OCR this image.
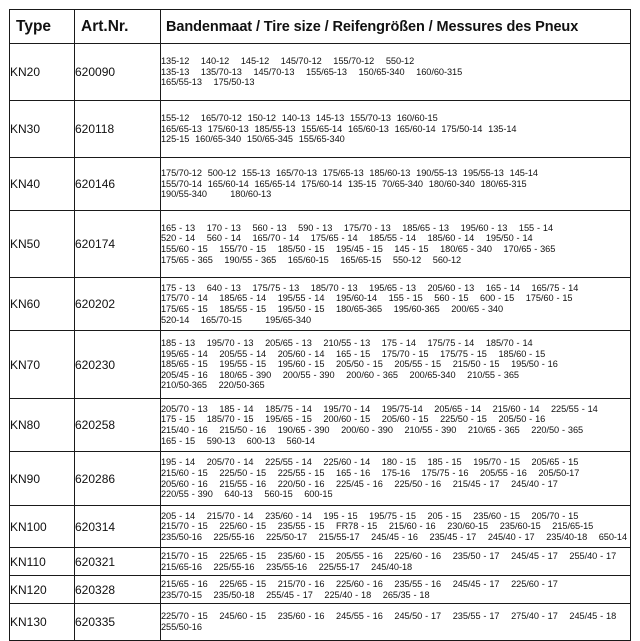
Type	Art.Nr.	Bandenmaat / Tire size / Reifengrößen / Messures des Pneux
KN20	620090	135-12    140-12    145-12    145/70-12    155/70-12    550-12
135-13    135/70-13    145/70-13    155/65-13    150/65-340    160/60-315
165/55-13    175/50-13

KN30	620118	155-12    165/70-12  150-12  140-13  145-13  155/70-13  160/60-15
165/65-13  175/60-13  185/55-13  155/65-14  165/60-13  165/60-14  175/50-14  135-14
125-15  160/65-340  150/65-345  155/65-340

KN40	620146	175/70-12  500-12  155-13  165/70-13  175/65-13  185/60-13  190/55-13  195/55-13  145-14
155/70-14  165/60-14  165/65-14  175/60-14  135-15  70/65-340  180/60-340  180/65-315
190/55-340        180/60-13

KN50	620174	165 - 13    170 - 13    560 - 13    590 - 13    175/70 - 13    185/65 - 13    195/60 - 13    155 - 14
520 - 14    560 - 14    165/70 - 14    175/65 - 14    185/55 - 14    185/60 - 14    195/50 - 14
155/60 - 15    155/70 - 15    185/50 - 15    195/45 - 15    145 - 15    180/65 - 340    170/65 - 365
175/65 - 365    190/55 - 365    165/60-15    165/65-15    550-12    560-12

KN60	620202	175 - 13    640 - 13    175/75 - 13    185/70 - 13    195/65 - 13    205/60 - 13    165 - 14    165/75 - 14
175/70 - 14    185/65 - 14    195/55 - 14    195/60-14    155 - 15    560 - 15    600 - 15    175/60 - 15
175/65 - 15    185/55 - 15    195/50 - 15    180/65-365    195/60-365    200/65 - 340
520-14    165/70-15        195/65-340

KN70	620230	185 - 13    195/70 - 13    205/65 - 13    210/55 - 13    175 - 14    175/75 - 14    185/70 - 14
195/65 - 14    205/55 - 14    205/60 - 14    165 - 15    175/70 - 15    175/75 - 15    185/60 - 15
185/65 - 15    195/55 - 15    195/60 - 15    205/50 - 15    205/55 - 15    215/50 - 15    195/50 - 16
205/45 - 16    180/65 - 390    200/55 - 390    200/60 - 365    200/65-340    210/55 - 365
210/50-365    220/50-365

KN80	620258	205/70 - 13    185 - 14    185/75 - 14    195/70 - 14    195/75-14    205/65 - 14    215/60 - 14    225/55 - 14
175 - 15    185/70 - 15    195/65 - 15    200/60 - 15    205/60 - 15    225/50 - 15    205/50 - 16
215/40 - 16    215/50 - 16    190/65 - 390    200/60 - 390    210/55 - 390    210/65 - 365    220/50 - 365
165 - 15    590-13    600-13    560-14

KN90	620286	195 - 14    205/70 - 14    225/55 - 14    225/60 - 14    180 - 15    185 - 15    195/70 - 15    205/65 - 15
215/60 - 15    225/50 - 15    225/55 - 15    165 - 16    175-16    175/75 - 16    205/55 - 16    205/50-17
205/60 - 16    215/55 - 16    220/50 - 16    225/45 - 16    225/50 - 16    215/45 - 17    245/40 - 17
220/55 - 390    640-13    560-15    600-15

KN100	620314	205 - 14    215/70 - 14    235/60 - 14    195 - 15    195/75 - 15    205 - 15    235/60 - 15    205/70 - 15
215/70 - 15    225/60 - 15    235/55 - 15    FR78 - 15    215/60 - 16    230/60-15    235/60-15    215/65-15
235/50-16    225/55-16    225/50-17    215/55-17    245/45 - 16    235/45 - 17    245/40 - 17    235/40-18    650-14

KN110	620321	215/70 - 15    225/65 - 15    235/60 - 15    205/55 - 16    225/60 - 16    235/50 - 17    245/45 - 17    255/40 - 17
215/65-16    225/55-16    235/55-16    225/55-17    245/40-18

KN120	620328	215/65 - 16    225/65 - 15    215/70 - 16    225/60 - 16    235/55 - 16    245/45 - 17    225/60 - 17
235/70-15    235/50-18    255/45 - 17    225/40 - 18    265/35 - 18

KN130	620335	225/70 - 15    245/60 - 15    235/60 - 16    245/55 - 16    245/50 - 17    235/55 - 17    275/40 - 17    245/45 - 18
255/50-16
